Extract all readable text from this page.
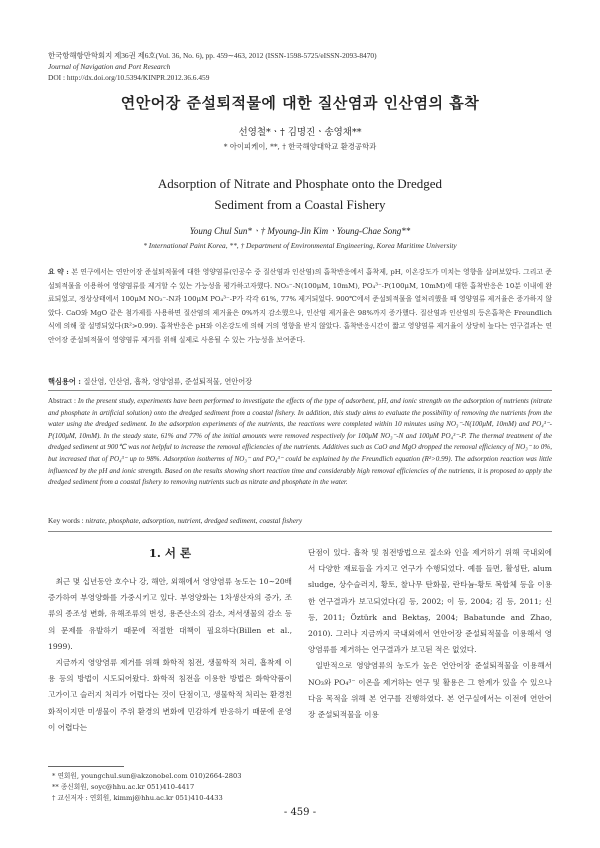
한국항해항만학회지 제36권 제6호(Vol. 36, No. 6), pp. 459∼463, 2012 (ISSN-1598-5725/eISSN-2093-8470)
Journal of Navigation and Port Research
DOI : http://dx.doi.org/10.5394/KINPR.2012.36.6.459
연안어장 준설퇴적물에 대한 질산염과 인산염의 흡착
선영철*ㆍ† 김명진ㆍ송영채**
* 아이피케이, **, † 한국해양대학교 환경공학과
Adsorption of Nitrate and Phosphate onto the Dredged
Sediment from a Coastal Fishery
Young Chul Sun*ㆍ† Myoung-Jin KimㆍYoung-Chae Song**
* International Paint Korea, **, † Department of Environmental Engineering, Korea Maritime University
요 약 : 본 연구에서는 연안어장 준설퇴적물에 대한 영양염류(인공수 중 질산염과 인산염)의 흡착반응에서 흡착제, pH, 이온강도가 미치는 영향을 살펴보았다. 그리고 준설퇴적물을 이용하여 영양염류를 제거할 수 있는 가능성을 평가하고자했다. NO₃⁻-N(100μM, 10mM), PO₄³⁻-P(100μM, 10mM)에 대한 흡착반응은 10분 이내에 완료되었고, 정상상태에서 100μM NO₃⁻-N과 100μM PO₄³⁻-P가 각각 61%, 77% 제거되었다. 900℃에서 준설퇴적물을 열처리했을 때 영양염류 제거율은 증가하지 않았다. CaO와 MgO 같은 첨가제를 사용하면 질산염의 제거율은 0%까지 감소했으나, 인산염 제거율은 98%까지 증가했다. 질산염과 인산염의 등온흡착은 Freundlich 식에 의해 잘 설명되었다(R²>0.99). 흡착반응은 pH와 이온강도에 의해 거의 영향을 받지 않았다. 흡착반응시간이 짧고 영양염류 제거율이 상당히 높다는 연구결과는 연안어장 준설퇴적물이 영양염류 제거를 위해 실제로 사용될 수 있는 가능성을 보여준다.
핵심용어 : 질산염, 인산염, 흡착, 영양염류, 준설퇴적물, 연안어장
Abstract : In the present study, experiments have been performed to investigate the effects of the type of adsorbent, pH, and ionic strength on the adsorption of nutrients (nitrate and phosphate in artificial solution) onto the dredged sediment from a coastal fishery. In addition, this study aims to evaluate the possibility of removing the nutrients from the water using the dredged sediment. In the adsorption experiments of the nutrients, the reactions were completed within 10 minutes using NO₃⁻-N(100μM, 10mM) and PO₄³⁻-P(100μM, 10mM). In the steady state, 61% and 77% of the initial amounts were removed respectively for 100μM NO₃⁻-N and 100μM PO₄³⁻-P. The thermal treatment of the dredged sediment at 900℃ was not helpful to increase the removal efficiencies of the nutrients. Additives such as CaO and MgO dropped the removal efficiency of NO₃⁻ to 0%, but increased that of PO₄³⁻ up to 98%. Adsorption isotherms of NO₃⁻ and PO₄³⁻ could be explained by the Freundlich equation (R²>0.99). The adsorption reaction was little influenced by the pH and ionic strength. Based on the results showing short reaction time and considerably high removal efficiencies of the nutrients, it is proposed to apply the dredged sediment from a coastal fishery to removing nutrients such as nitrate and phosphate in the water.
Key words : nitrate, phosphate, adsorption, nutrient, dredged sediment, coastal fishery
1. 서 론

최근 몇 십년동안 호수나 강, 해안, 외해에서 영양염류 농도는 10∼20배 증가하여 부영양화를 가중시키고 있다. 부영양화는 1차생산자의 증가, 조류의 종조성 변화, 유해조류의 번성, 용존산소의 감소, 저서생물의 감소 등의 문제를 유발하기 때문에 적절한 대책이 필요하다(Billen et al., 1999).

지금까지 영양염류 제거를 위해 화학적 침전, 생물학적 처리, 흡착제 이용 등의 방법이 시도되어왔다. 화학적 침전을 이용한 방법은 화학약품이 고가이고 슬러지 처리가 어렵다는 것이 단점이고, 생물학적 처리는 환경친화적이지만 미생물이 주위 환경의 변화에 민감하게 반응하기 때문에 운영이 어렵다는

단점이 있다. 흡착 및 침전방법으로 질소와 인을 제거하기 위해 국내외에서 다양한 재료들을 가지고 연구가 수행되었다. 예를 들면, 활성탄, alum sludge, 상수슬러지, 황토, 찰나무 탄화물, 란타늄-황토 복합체 등을 이용한 연구결과가 보고되었다(김 등, 2002; 이 등, 2004; 김 등, 2011; 신 등, 2011; Öztürk and Bektaş, 2004; Babatunde and Zhao, 2010). 그러나 지금까지 국내외에서 연안어장 준설퇴적물을 이용해서 영양염류를 제거하는 연구결과가 보고된 적은 없었다.

일반적으로 영양염류의 농도가 높은 연안어장 준설퇴적물을 이용해서 NO₃와 PO₄³⁻ 이온을 제거하는 연구 및 활용은 그 한계가 있을 수 있으나 다음 목적을 위해 본 연구를 진행하였다. 본 연구실에서는 이전에 연안어장 준설퇴적물을 이용

* 연회원, youngchul.sun@akzonobel.com 010)2664-2803
** 종신회원, soyc@hhu.ac.kr 051)410-4417
† 교신저자 : 연회원, kimmj@hhu.ac.kr 051)410-4433
- 459 -
